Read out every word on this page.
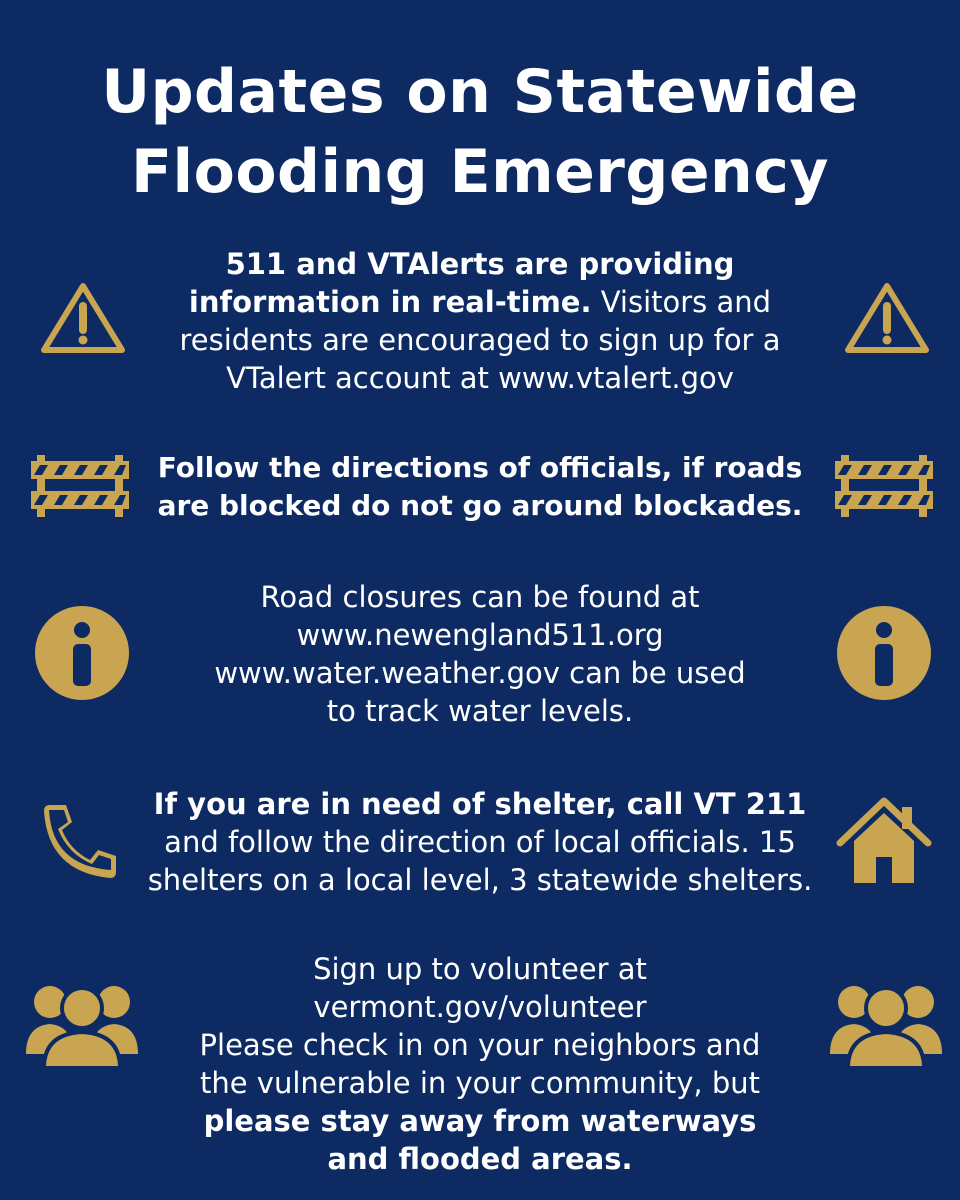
Updates on Statewide
Flooding Emergency
511 and VTAlerts are providing
information in real-time. Visitors and
residents are encouraged to sign up for a
VTalert account at www.vtalert.gov
Follow the directions of officials, if roads
are blocked do not go around blockades.
Road closures can be found at
www.newengland511.org
www.water.weather.gov can be used
to track water levels.
If you are in need of shelter, call VT 211
and follow the direction of local officials. 15
shelters on a local level, 3 statewide shelters.
Sign up to volunteer at
vermont.gov/volunteer
Please check in on your neighbors and
the vulnerable in your community, but
please stay away from waterways
and flooded areas.
